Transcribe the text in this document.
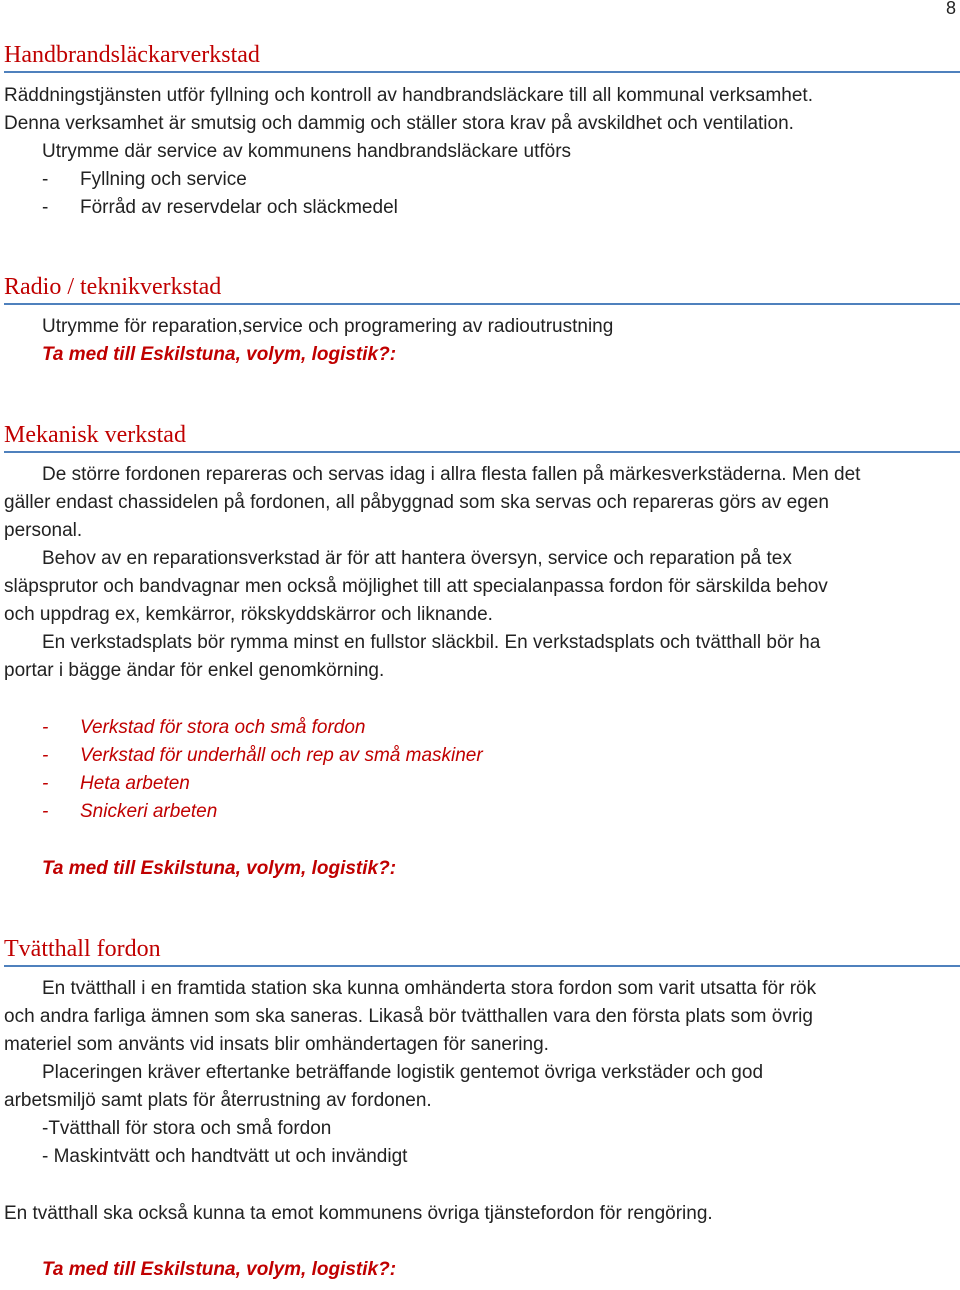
8
Handbrandsläckarverkstad
Räddningstjänsten utför fyllning och kontroll av handbrandsläckare till all kommunal verksamhet.
Denna verksamhet är smutsig och dammig och ställer stora krav på avskildhet och ventilation.
Utrymme där service av kommunens handbrandsläckare utförs
- Fyllning och service
- Förråd av reservdelar och släckmedel
Radio / teknikverkstad
Utrymme för reparation,service och programering av radioutrustning
Ta med till Eskilstuna, volym, logistik?:
Mekanisk verkstad
De större fordonen repareras och servas idag i allra flesta fallen på märkesverkstäderna. Men det
gäller endast chassidelen på fordonen, all påbyggnad som ska servas och repareras görs av egen
personal.
Behov av en reparationsverkstad är för att hantera översyn, service och reparation på tex
släpsprutor och bandvagnar men också möjlighet till att specialanpassa fordon för särskilda behov
och uppdrag ex, kemkärror, rökskyddskärror och liknande.
En verkstadsplats bör rymma minst en fullstor släckbil. En verkstadsplats och tvätthall bör ha
portar i bägge ändar för enkel genomkörning.
- Verkstad för stora och små fordon
- Verkstad för underhåll och rep av små maskiner
- Heta arbeten
- Snickeri arbeten
Ta med till Eskilstuna, volym, logistik?:
Tvätthall fordon
En tvätthall i en framtida station ska kunna omhänderta stora fordon som varit utsatta för rök
och andra farliga ämnen som ska saneras. Likaså bör tvätthallen vara den första plats som övrig
materiel som använts vid insats blir omhändertagen för sanering.
Placeringen kräver eftertanke beträffande logistik gentemot övriga verkstäder och god
arbetsmiljö samt plats för återrustning av fordonen.
-Tvätthall för stora och små fordon
- Maskintvätt och handtvätt ut och invändigt
En tvätthall ska också kunna ta emot kommunens övriga tjänstefordon för rengöring.
Ta med till Eskilstuna, volym, logistik?:
